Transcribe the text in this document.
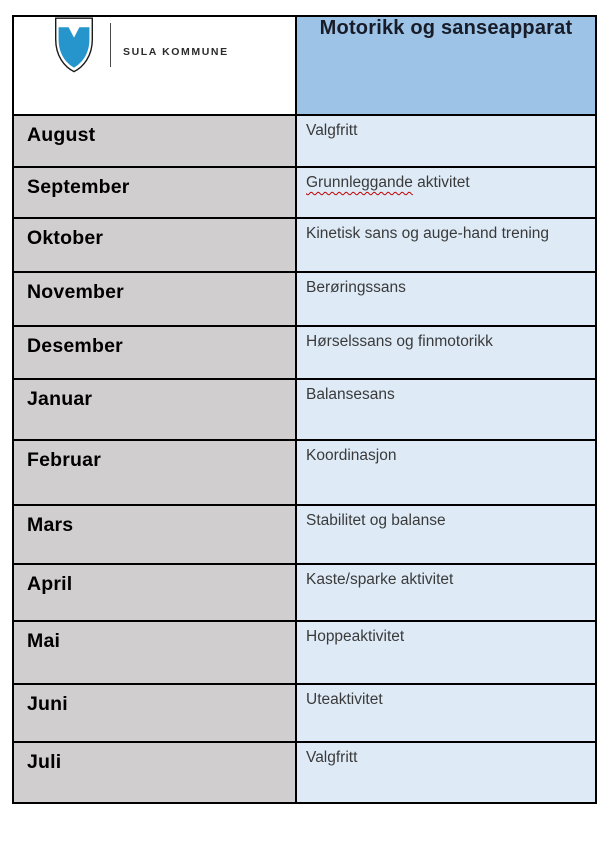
SULA KOMMUNE	Motorikk og sanseapparat
August	Valgfritt
September	Grunnleggande aktivitet
Oktober	Kinetisk sans og auge-hand trening
November	Berøringssans
Desember	Hørselssans og finmotorikk
Januar	Balansesans
Februar	Koordinasjon
Mars	Stabilitet og balanse
April	Kaste/sparke aktivitet
Mai	Hoppeaktivitet
Juni	Uteaktivitet
Juli	Valgfritt
